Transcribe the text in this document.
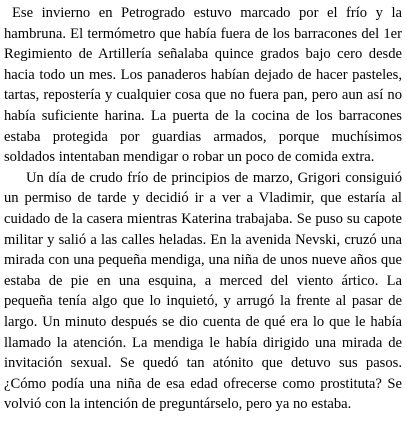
Ese invierno en Petrogrado estuvo marcado por el frío y la hambruna. El termómetro que había fuera de los barracones del 1er Regimiento de Artillería señalaba quince grados bajo cero desde hacia todo un mes. Los panaderos habían dejado de hacer pasteles, tartas, repostería y cualquier cosa que no fuera pan, pero aun así no había suficiente harina. La puerta de la cocina de los barracones estaba protegida por guardias armados, porque muchísimos soldados intentaban mendigar o robar un poco de comida extra.

Un día de crudo frío de principios de marzo, Grigori consiguió un permiso de tarde y decidió ir a ver a Vladimir, que estaría al cuidado de la casera mientras Katerina trabajaba. Se puso su capote militar y salió a las calles heladas. En la avenida Nevski, cruzó una mirada con una pequeña mendiga, una niña de unos nueve años que estaba de pie en una esquina, a merced del viento ártico. La pequeña tenía algo que lo inquietó, y arrugó la frente al pasar de largo. Un minuto después se dio cuenta de qué era lo que le había llamado la atención. La mendiga le había dirigido una mirada de invitación sexual. Se quedó tan atónito que detuvo sus pasos. ¿Cómo podía una niña de esa edad ofrecerse como prostituta? Se volvió con la intención de preguntárselo, pero ya no estaba.
